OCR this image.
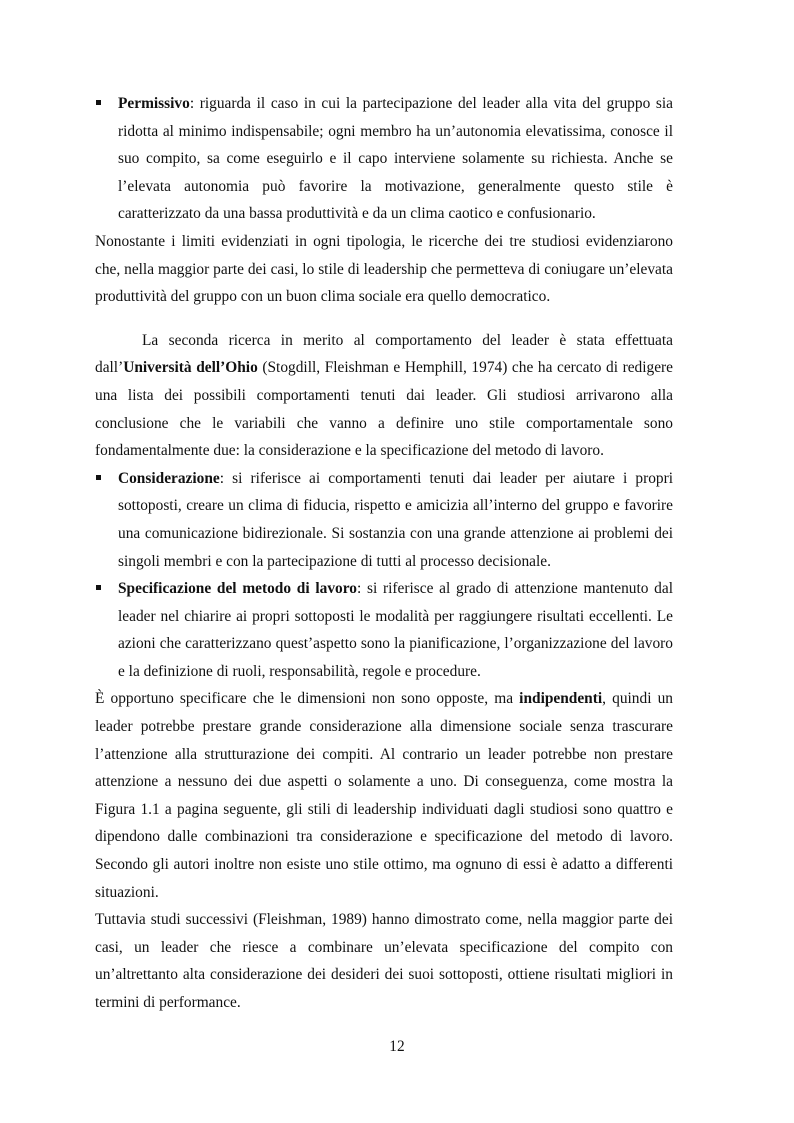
Permissivo: riguarda il caso in cui la partecipazione del leader alla vita del gruppo sia ridotta al minimo indispensabile; ogni membro ha un’autonomia elevatissima, conosce il suo compito, sa come eseguirlo e il capo interviene solamente su richiesta. Anche se l’elevata autonomia può favorire la motivazione, generalmente questo stile è caratterizzato da una bassa produttività e da un clima caotico e confusionario.

Nonostante i limiti evidenziati in ogni tipologia, le ricerche dei tre studiosi evidenziarono che, nella maggior parte dei casi, lo stile di leadership che permetteva di coniugare un’elevata produttività del gruppo con un buon clima sociale era quello democratico.

La seconda ricerca in merito al comportamento del leader è stata effettuata dall’Università dell’Ohio (Stogdill, Fleishman e Hemphill, 1974) che ha cercato di redigere una lista dei possibili comportamenti tenuti dai leader. Gli studiosi arrivarono alla conclusione che le variabili che vanno a definire uno stile comportamentale sono fondamentalmente due: la considerazione e la specificazione del metodo di lavoro.

Considerazione: si riferisce ai comportamenti tenuti dai leader per aiutare i propri sottoposti, creare un clima di fiducia, rispetto e amicizia all’interno del gruppo e favorire una comunicazione bidirezionale. Si sostanzia con una grande attenzione ai problemi dei singoli membri e con la partecipazione di tutti al processo decisionale.

Specificazione del metodo di lavoro: si riferisce al grado di attenzione mantenuto dal leader nel chiarire ai propri sottoposti le modalità per raggiungere risultati eccellenti. Le azioni che caratterizzano quest’aspetto sono la pianificazione, l’organizzazione del lavoro e la definizione di ruoli, responsabilità, regole e procedure.

È opportuno specificare che le dimensioni non sono opposte, ma indipendenti, quindi un leader potrebbe prestare grande considerazione alla dimensione sociale senza trascurare l’attenzione alla strutturazione dei compiti. Al contrario un leader potrebbe non prestare attenzione a nessuno dei due aspetti o solamente a uno. Di conseguenza, come mostra la Figura 1.1 a pagina seguente, gli stili di leadership individuati dagli studiosi sono quattro e dipendono dalle combinazioni tra considerazione e specificazione del metodo di lavoro. Secondo gli autori inoltre non esiste uno stile ottimo, ma ognuno di essi è adatto a differenti situazioni.

Tuttavia studi successivi (Fleishman, 1989) hanno dimostrato come, nella maggior parte dei casi, un leader che riesce a combinare un’elevata specificazione del compito con un’altrettanto alta considerazione dei desideri dei suoi sottoposti, ottiene risultati migliori in termini di performance.

12
